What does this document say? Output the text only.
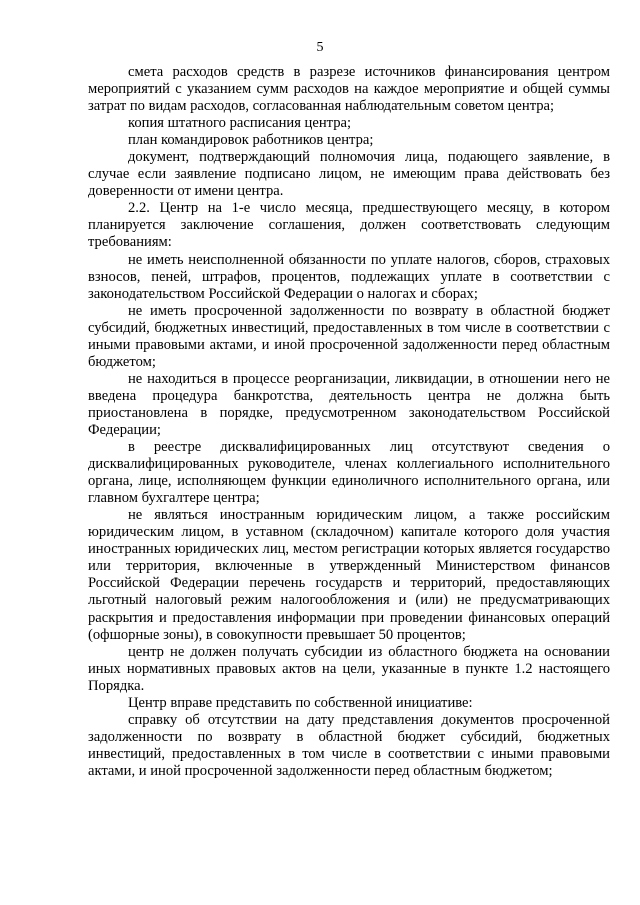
5

смета расходов средств в разрезе источников финансирования центром мероприятий с указанием сумм расходов на каждое мероприятие и общей суммы затрат по видам расходов, согласованная наблюдательным советом центра;

копия штатного расписания центра;

план командировок работников центра;

документ, подтверждающий полномочия лица, подающего заявление, в случае если заявление подписано лицом, не имеющим права действовать без доверенности от имени центра.

2.2. Центр на 1-е число месяца, предшествующего месяцу, в котором планируется заключение соглашения, должен соответствовать следующим требованиям:

не иметь неисполненной обязанности по уплате налогов, сборов, страховых взносов, пеней, штрафов, процентов, подлежащих уплате в соответствии с законодательством Российской Федерации о налогах и сборах;

не иметь просроченной задолженности по возврату в областной бюджет субсидий, бюджетных инвестиций, предоставленных в том числе в соответствии с иными правовыми актами, и иной просроченной задолженности перед областным бюджетом;

не находиться в процессе реорганизации, ликвидации, в отношении него не введена процедура банкротства, деятельность центра не должна быть приостановлена в порядке, предусмотренном законодательством Российской Федерации;

в реестре дисквалифицированных лиц отсутствуют сведения о дисквалифицированных руководителе, членах коллегиального исполнительного органа, лице, исполняющем функции единоличного исполнительного органа, или главном бухгалтере центра;

не являться иностранным юридическим лицом, а также российским юридическим лицом, в уставном (складочном) капитале которого доля участия иностранных юридических лиц, местом регистрации которых является государство или территория, включенные в утвержденный Министерством финансов Российской Федерации перечень государств и территорий, предоставляющих льготный налоговый режим налогообложения и (или) не предусматривающих раскрытия и предоставления информации при проведении финансовых операций (офшорные зоны), в совокупности превышает 50 процентов;

центр не должен получать субсидии из областного бюджета на основании иных нормативных правовых актов на цели, указанные в пункте 1.2 настоящего Порядка.

Центр вправе представить по собственной инициативе:

справку об отсутствии на дату представления документов просроченной задолженности по возврату в областной бюджет субсидий, бюджетных инвестиций, предоставленных в том числе в соответствии с иными правовыми актами, и иной просроченной задолженности перед областным бюджетом;
